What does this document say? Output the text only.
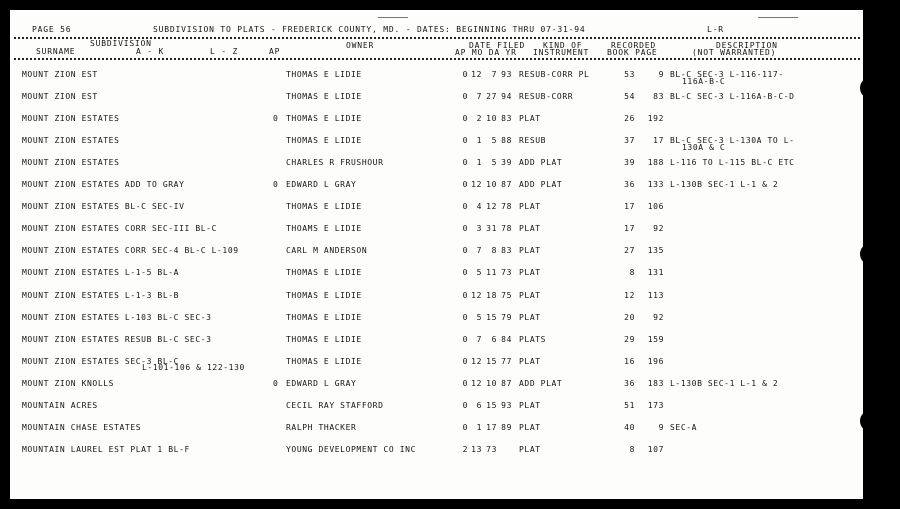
PAGE 56	SUBDIVISION TO PLATS - FREDERICK COUNTY, MD. - DATES: BEGINNING THRU 07-31-94	L-R
SUBDIVISION
SURNAME	A - K	L - Z	AP
OWNER	DATE FILED
AP MO DA YR
KIND OF
INSTRUMENT
RECORDED
BOOK PAGE
DESCRIPTION
(NOT WARRANTED)
MOUNT ZION EST	THOMAS E LIDIE	0 12 7 93 RESUB-CORR PL	53	9 BL-C SEC-3 L-116-117-
116A-B-C
MOUNT ZION EST	THOMAS E LIDIE	0 7 27 94 RESUB-CORR	54 83 BL-C SEC-3 L-116A-B-C-D
MOUNT ZION ESTATES	0 THOMAS E LIDIE	0 2 10 83 PLAT	26 192
MOUNT ZION ESTATES	THOMAS E LIDIE	0 1 5 88 RESUB	37 17 BL-C SEC-3 L-130A TO L-
130A & C
MOUNT ZION ESTATES	CHARLES R FRUSHOUR	0 1 5 39 ADD PLAT	39 188 L-116 TO L-115 BL-C ETC
MOUNT ZION ESTATES ADD TO GRAY	0 EDWARD L GRAY	0 12 10 87 ADD PLAT	36 133 L-130B SEC-1 L-1 & 2
MOUNT ZION ESTATES BL-C SEC-IV	THOMAS E LIDIE	0 4 12 78 PLAT	17 106
MOUNT ZION ESTATES CORR SEC-III BL-C	THOAMS E LIDIE	0 3 31 78 PLAT	17 92
MOUNT ZION ESTATES CORR SEC-4 BL-C L-109	CARL M ANDERSON	0 7 8 83 PLAT	27 135
MOUNT ZION ESTATES L-1-5 BL-A	THOMAS E LIDIE	0 5 11 73 PLAT	8 131
MOUNT ZION ESTATES L-1-3 BL-B	THOMAS E LIDIE	0 12 18 75 PLAT	12 113
MOUNT ZION ESTATES L-103 BL-C SEC-3	THOMAS E LIDIE	0 5 15 79 PLAT	20 92
MOUNT ZION ESTATES RESUB BL-C SEC-3	THOMAS E LIDIE	0 7 6 84 PLATS	29 159
MOUNT ZION ESTATES SEC-3 BL-C	THOMAS E LIDIE	0 12 15 77 PLAT	16 196
L-101-106 & 122-130
MOUNT ZION KNOLLS	0 EDWARD L GRAY	0 12 10 87 ADD PLAT	36 183 L-130B SEC-1 L-1 & 2
MOUNTAIN ACRES	CECIL RAY STAFFORD	0 6 15 93 PLAT	51 173
MOUNTAIN CHASE ESTATES	RALPH THACKER	0 1 17 89 PLAT	40	9 SEC-A
MOUNTAIN LAUREL EST PLAT 1 BL-F	YOUNG DEVELOPMENT CO INC	2 13 73	PLAT	8 107
